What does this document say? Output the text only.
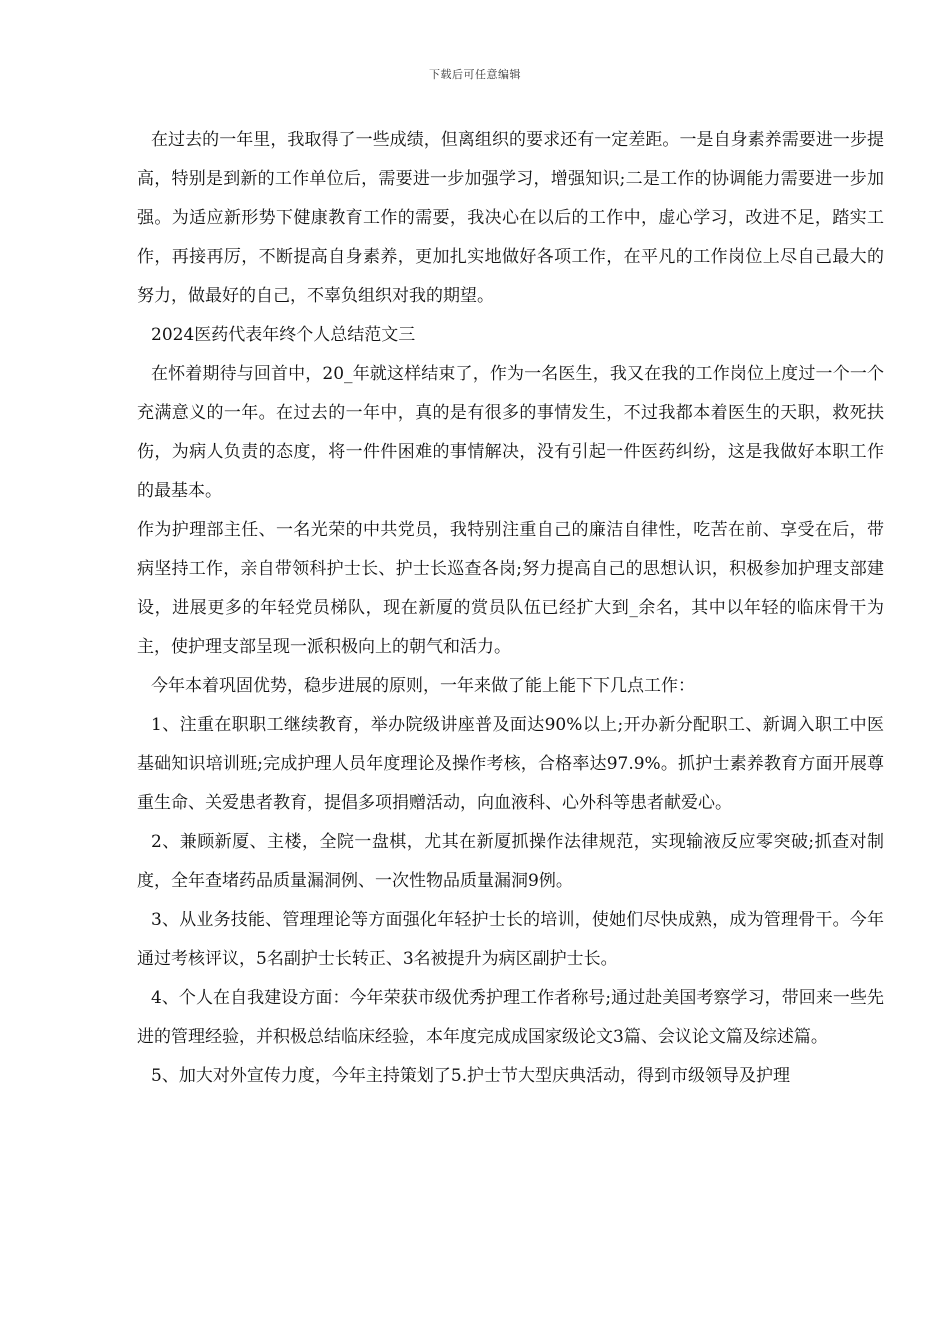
下载后可任意编辑

在过去的一年里，我取得了一些成绩，但离组织的要求还有一定差距。一是自身素养需要进一步提高，特别是到新的工作单位后，需要进一步加强学习，增强知识;二是工作的协调能力需要进一步加强。为适应新形势下健康教育工作的需要，我决心在以后的工作中，虚心学习，改进不足，踏实工作，再接再厉，不断提高自身素养，更加扎实地做好各项工作，在平凡的工作岗位上尽自己最大的努力，做最好的自己，不辜负组织对我的期望。

2024医药代表年终个人总结范文三

在怀着期待与回首中，20_年就这样结束了，作为一名医生，我又在我的工作岗位上度过一个一个充满意义的一年。在过去的一年中，真的是有很多的事情发生，不过我都本着医生的天职，救死扶伤，为病人负责的态度，将一件件困难的事情解决，没有引起一件医药纠纷，这是我做好本职工作的最基本。

作为护理部主任、一名光荣的中共党员，我特别注重自己的廉洁自律性，吃苦在前、享受在后，带病坚持工作，亲自带领科护士长、护士长巡查各岗;努力提高自己的思想认识，积极参加护理支部建设，进展更多的年轻党员梯队，现在新厦的赏员队伍已经扩大到_余名，其中以年轻的临床骨干为主，使护理支部呈现一派积极向上的朝气和活力。

今年本着巩固优势，稳步进展的原则，一年来做了能上能下下几点工作：

1、注重在职职工继续教育，举办院级讲座普及面达90%以上;开办新分配职工、新调入职工中医基础知识培训班;完成护理人员年度理论及操作考核，合格率达97.9%。抓护士素养教育方面开展尊重生命、关爱患者教育，提倡多项捐赠活动，向血液科、心外科等患者献爱心。

2、兼顾新厦、主楼，全院一盘棋，尤其在新厦抓操作法律规范，实现输液反应零突破;抓查对制度，全年查堵药品质量漏洞例、一次性物品质量漏洞9例。

3、从业务技能、管理理论等方面强化年轻护士长的培训，使她们尽快成熟，成为管理骨干。今年通过考核评议，5名副护士长转正、3名被提升为病区副护士长。

4、个人在自我建设方面：今年荣获市级优秀护理工作者称号;通过赴美国考察学习，带回来一些先进的管理经验，并积极总结临床经验，本年度完成成国家级论文3篇、会议论文篇及综述篇。

5、加大对外宣传力度，今年主持策划了5.护士节大型庆典活动，得到市级领导及护理
